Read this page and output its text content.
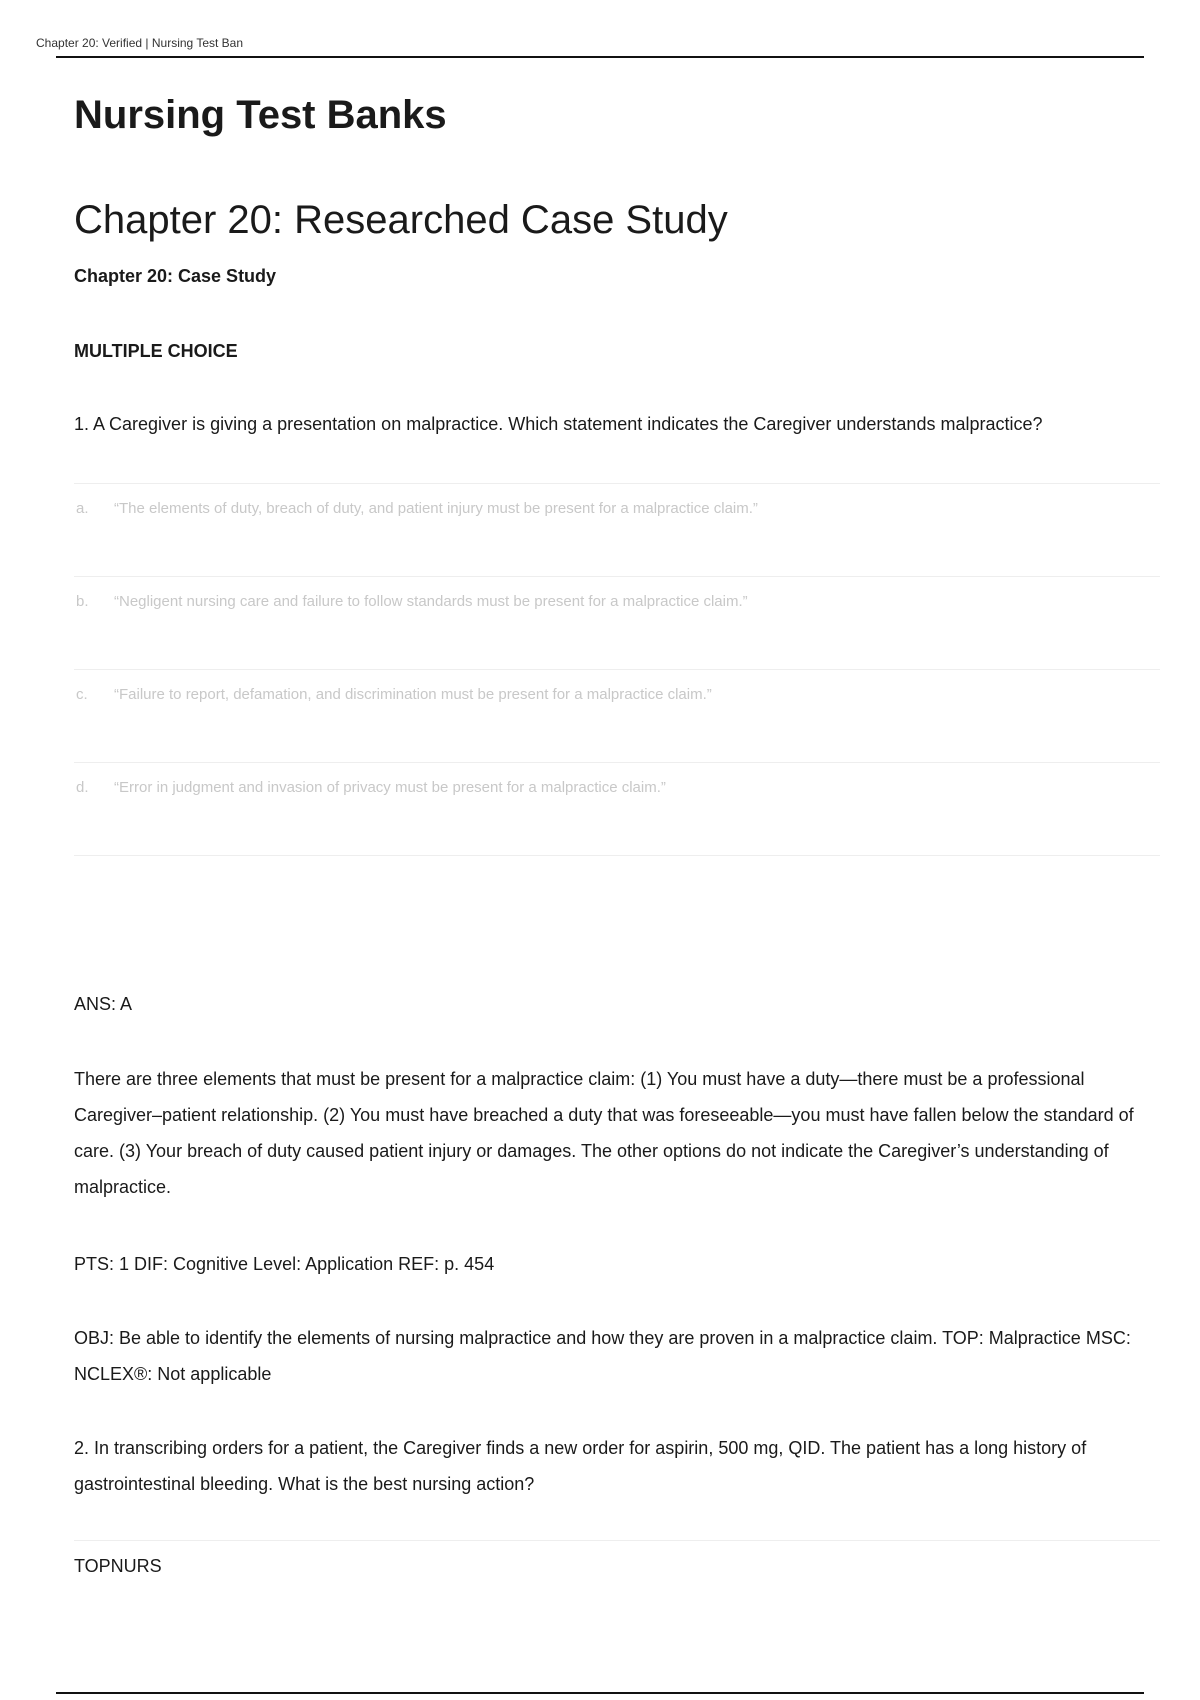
Chapter 20: Verified | Nursing Test Ban
Nursing Test Banks
Chapter 20: Researched Case Study
Chapter 20: Case Study
MULTIPLE CHOICE
1. A Caregiver is giving a presentation on malpractice. Which statement indicates the Caregiver understands malpractice?
a. “The elements of duty, breach of duty, and patient injury must be present for a malpractice claim.”
b. “Negligent nursing care and failure to follow standards must be present for a malpractice claim.”
c. “Failure to report, defamation, and discrimination must be present for a malpractice claim.”
d. “Error in judgment and invasion of privacy must be present for a malpractice claim.”
ANS: A
There are three elements that must be present for a malpractice claim: (1) You must have a duty—there must be a professional Caregiver–patient relationship. (2) You must have breached a duty that was foreseeable—you must have fallen below the standard of care. (3) Your breach of duty caused patient injury or damages. The other options do not indicate the Caregiver’s understanding of malpractice.
PTS: 1 DIF: Cognitive Level: Application REF: p. 454
OBJ: Be able to identify the elements of nursing malpractice and how they are proven in a malpractice claim. TOP: Malpractice MSC: NCLEX®: Not applicable
2. In transcribing orders for a patient, the Caregiver finds a new order for aspirin, 500 mg, QID. The patient has a long history of gastrointestinal bleeding. What is the best nursing action?
TOPNURS
